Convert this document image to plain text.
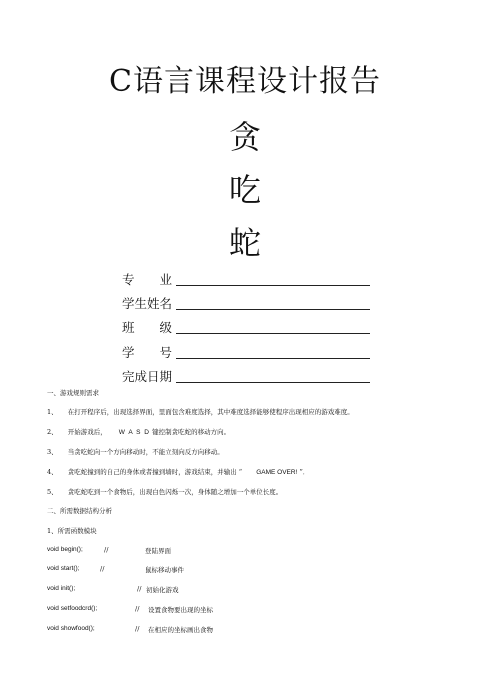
C语言课程设计报告
贪
吃
蛇
专　　业
学生姓名
班　　级
学　　号
完成日期
一、游戏规则需求
1、 在打开程序后，出现选择界面，里面包含难度选择，其中难度选择能够使程序出现相应的游戏难度。
2、 开始游戏后， W A S D 键控制贪吃蛇的移动方向。
3、 当贪吃蛇向一个方向移动时，不能立刻向反方向移动。
4、 贪吃蛇撞到的自己的身体或者撞到墙时，游戏结束，并输出 “ GAME OVER! ”．
5、 贪吃蛇吃到一个食物后，出现白色闪烁一次，身体随之增加一个单位长度。
二、所需数据结构分析
1、所需函数模块
void begin();	//	登陆界面
void start();	//	鼠标移动事件
void init();	// 初始化游戏
void setfoodcrd();	// 设置食物要出现的坐标
void showfood();	// 在相应的坐标画出食物
